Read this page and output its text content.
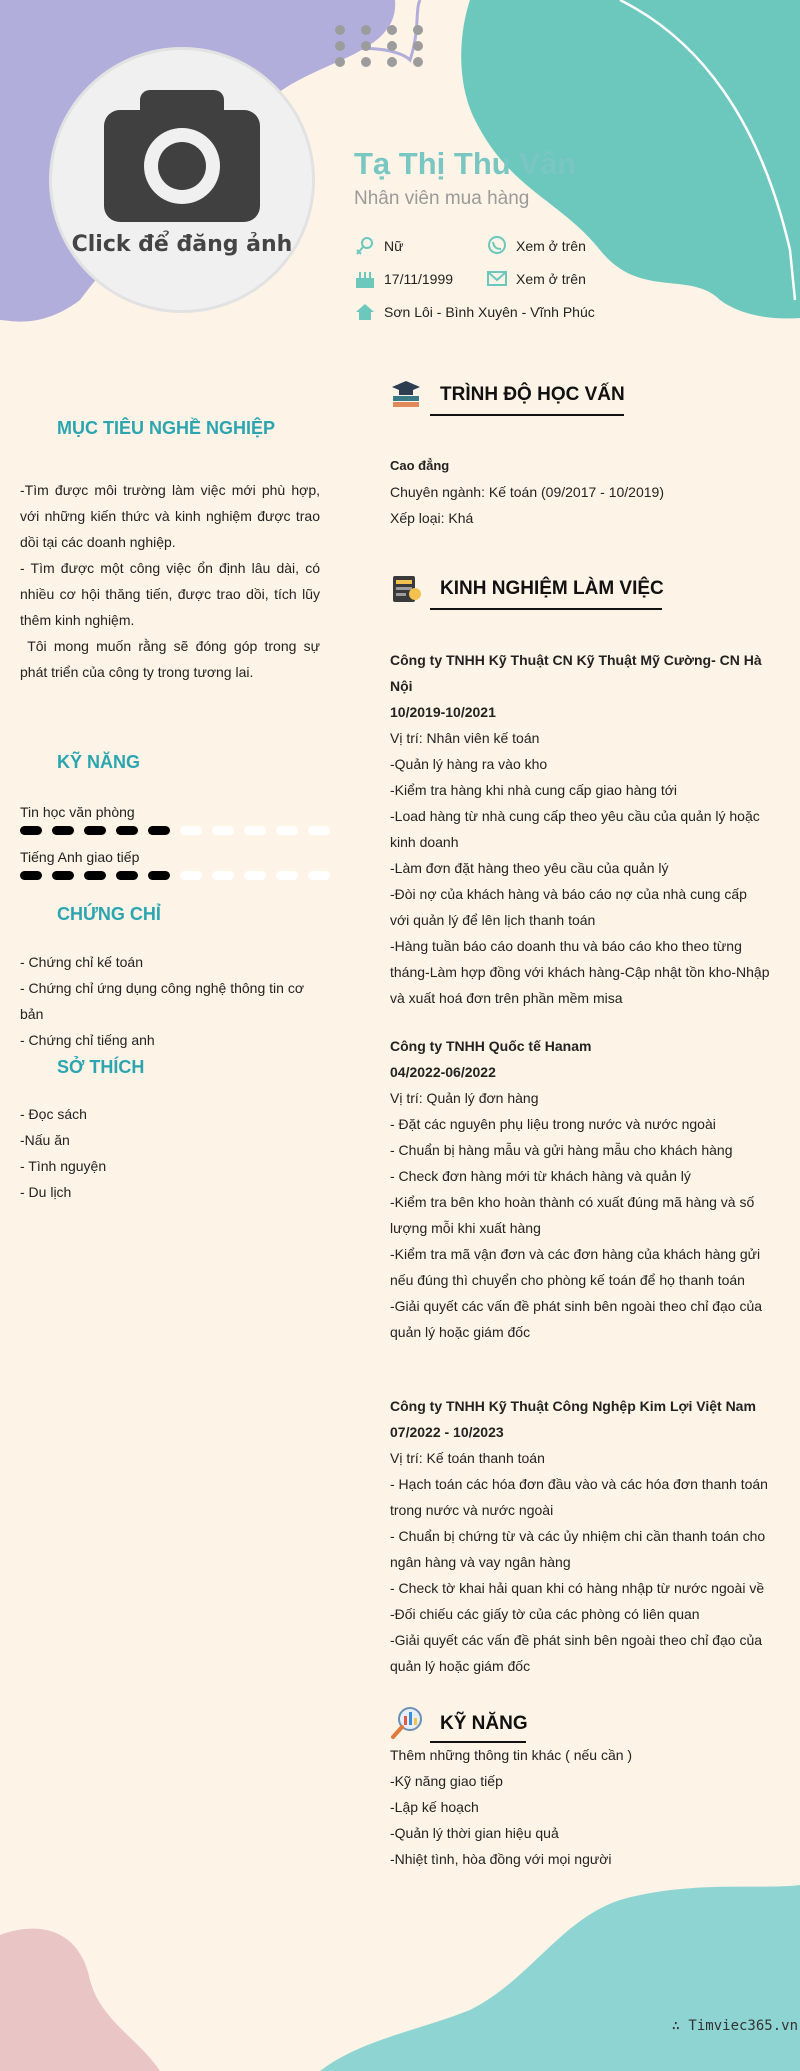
Click để đăng ảnh
Tạ Thị Thu Vân
Nhân viên mua hàng
Nữ	Xem ở trên
17/11/1999	Xem ở trên
Sơn Lôi - Bình Xuyên - Vĩnh Phúc
MỤC TIÊU NGHỀ NGHIỆP
-Tìm được môi trường làm việc mới phù hợp, với những kiến thức và kinh nghiệm được trao dồi tại các doanh nghiệp.
- Tìm được một công việc ổn định lâu dài, có nhiều cơ hội thăng tiến, được trao dồi, tích lũy thêm kinh nghiệm.
Tôi mong muốn rằng sẽ đóng góp trong sự phát triển của công ty trong tương lai.
KỸ NĂNG
Tin học văn phòng
Tiếng Anh giao tiếp
CHỨNG CHỈ
- Chứng chỉ kế toán
- Chứng chỉ ứng dụng công nghệ thông tin cơ bản
- Chứng chỉ tiếng anh
SỞ THÍCH
- Đọc sách
-Nấu ăn
- Tình nguyện
- Du lịch
TRÌNH ĐỘ HỌC VẤN
Cao đẳng
Chuyên ngành: Kế toán (09/2017 - 10/2019)
Xếp loại: Khá
KINH NGHIỆM LÀM VIỆC
Công ty TNHH Kỹ Thuật CN Kỹ Thuật Mỹ Cường- CN Hà Nội
10/2019-10/2021
Vị trí: Nhân viên kế toán
-Quản lý hàng ra vào kho
-Kiểm tra hàng khi nhà cung cấp giao hàng tới
-Load hàng từ nhà cung cấp theo yêu cầu của quản lý hoặc kinh doanh
-Làm đơn đặt hàng theo yêu cầu của quản lý
-Đòi nợ của khách hàng và báo cáo nợ của nhà cung cấp với quản lý để lên lịch thanh toán
-Hàng tuần báo cáo doanh thu và báo cáo kho theo từng tháng-Làm hợp đồng với khách hàng-Cập nhật tồn kho-Nhập và xuất hoá đơn trên phần mềm misa
Công ty TNHH Quốc tế Hanam
04/2022-06/2022
Vị trí: Quản lý đơn hàng
- Đặt các nguyên phụ liệu trong nước và nước ngoài
- Chuẩn bị hàng mẫu và gửi hàng mẫu cho khách hàng
- Check đơn hàng mới từ khách hàng và quản lý
-Kiểm tra bên kho hoàn thành có xuất đúng mã hàng và số lượng mỗi khi xuất hàng
-Kiểm tra mã vận đơn và các đơn hàng của khách hàng gửi nếu đúng thì chuyển cho phòng kế toán để họ thanh toán
-Giải quyết các vấn đề phát sinh bên ngoài theo chỉ đạo của quản lý hoặc giám đốc
Công ty TNHH Kỹ Thuật Công Nghệp Kim Lợi Việt Nam
07/2022 - 10/2023
Vị trí: Kế toán thanh toán
- Hạch toán các hóa đơn đầu vào và các hóa đơn thanh toán trong nước và nước ngoài
- Chuẩn bị chứng từ và các ủy nhiệm chi cần thanh toán cho ngân hàng và vay ngân hàng
- Check tờ khai hải quan khi có hàng nhập từ nước ngoài về
-Đối chiếu các giấy tờ của các phòng có liên quan
-Giải quyết các vấn đề phát sinh bên ngoài theo chỉ đạo của quản lý hoặc giám đốc
KỸ NĂNG
Thêm những thông tin khác ( nếu cần )
-Kỹ năng giao tiếp
-Lập kế hoạch
-Quản lý thời gian hiệu quả
-Nhiệt tình, hòa đồng với mọi người
∴ Timviec365.vn
